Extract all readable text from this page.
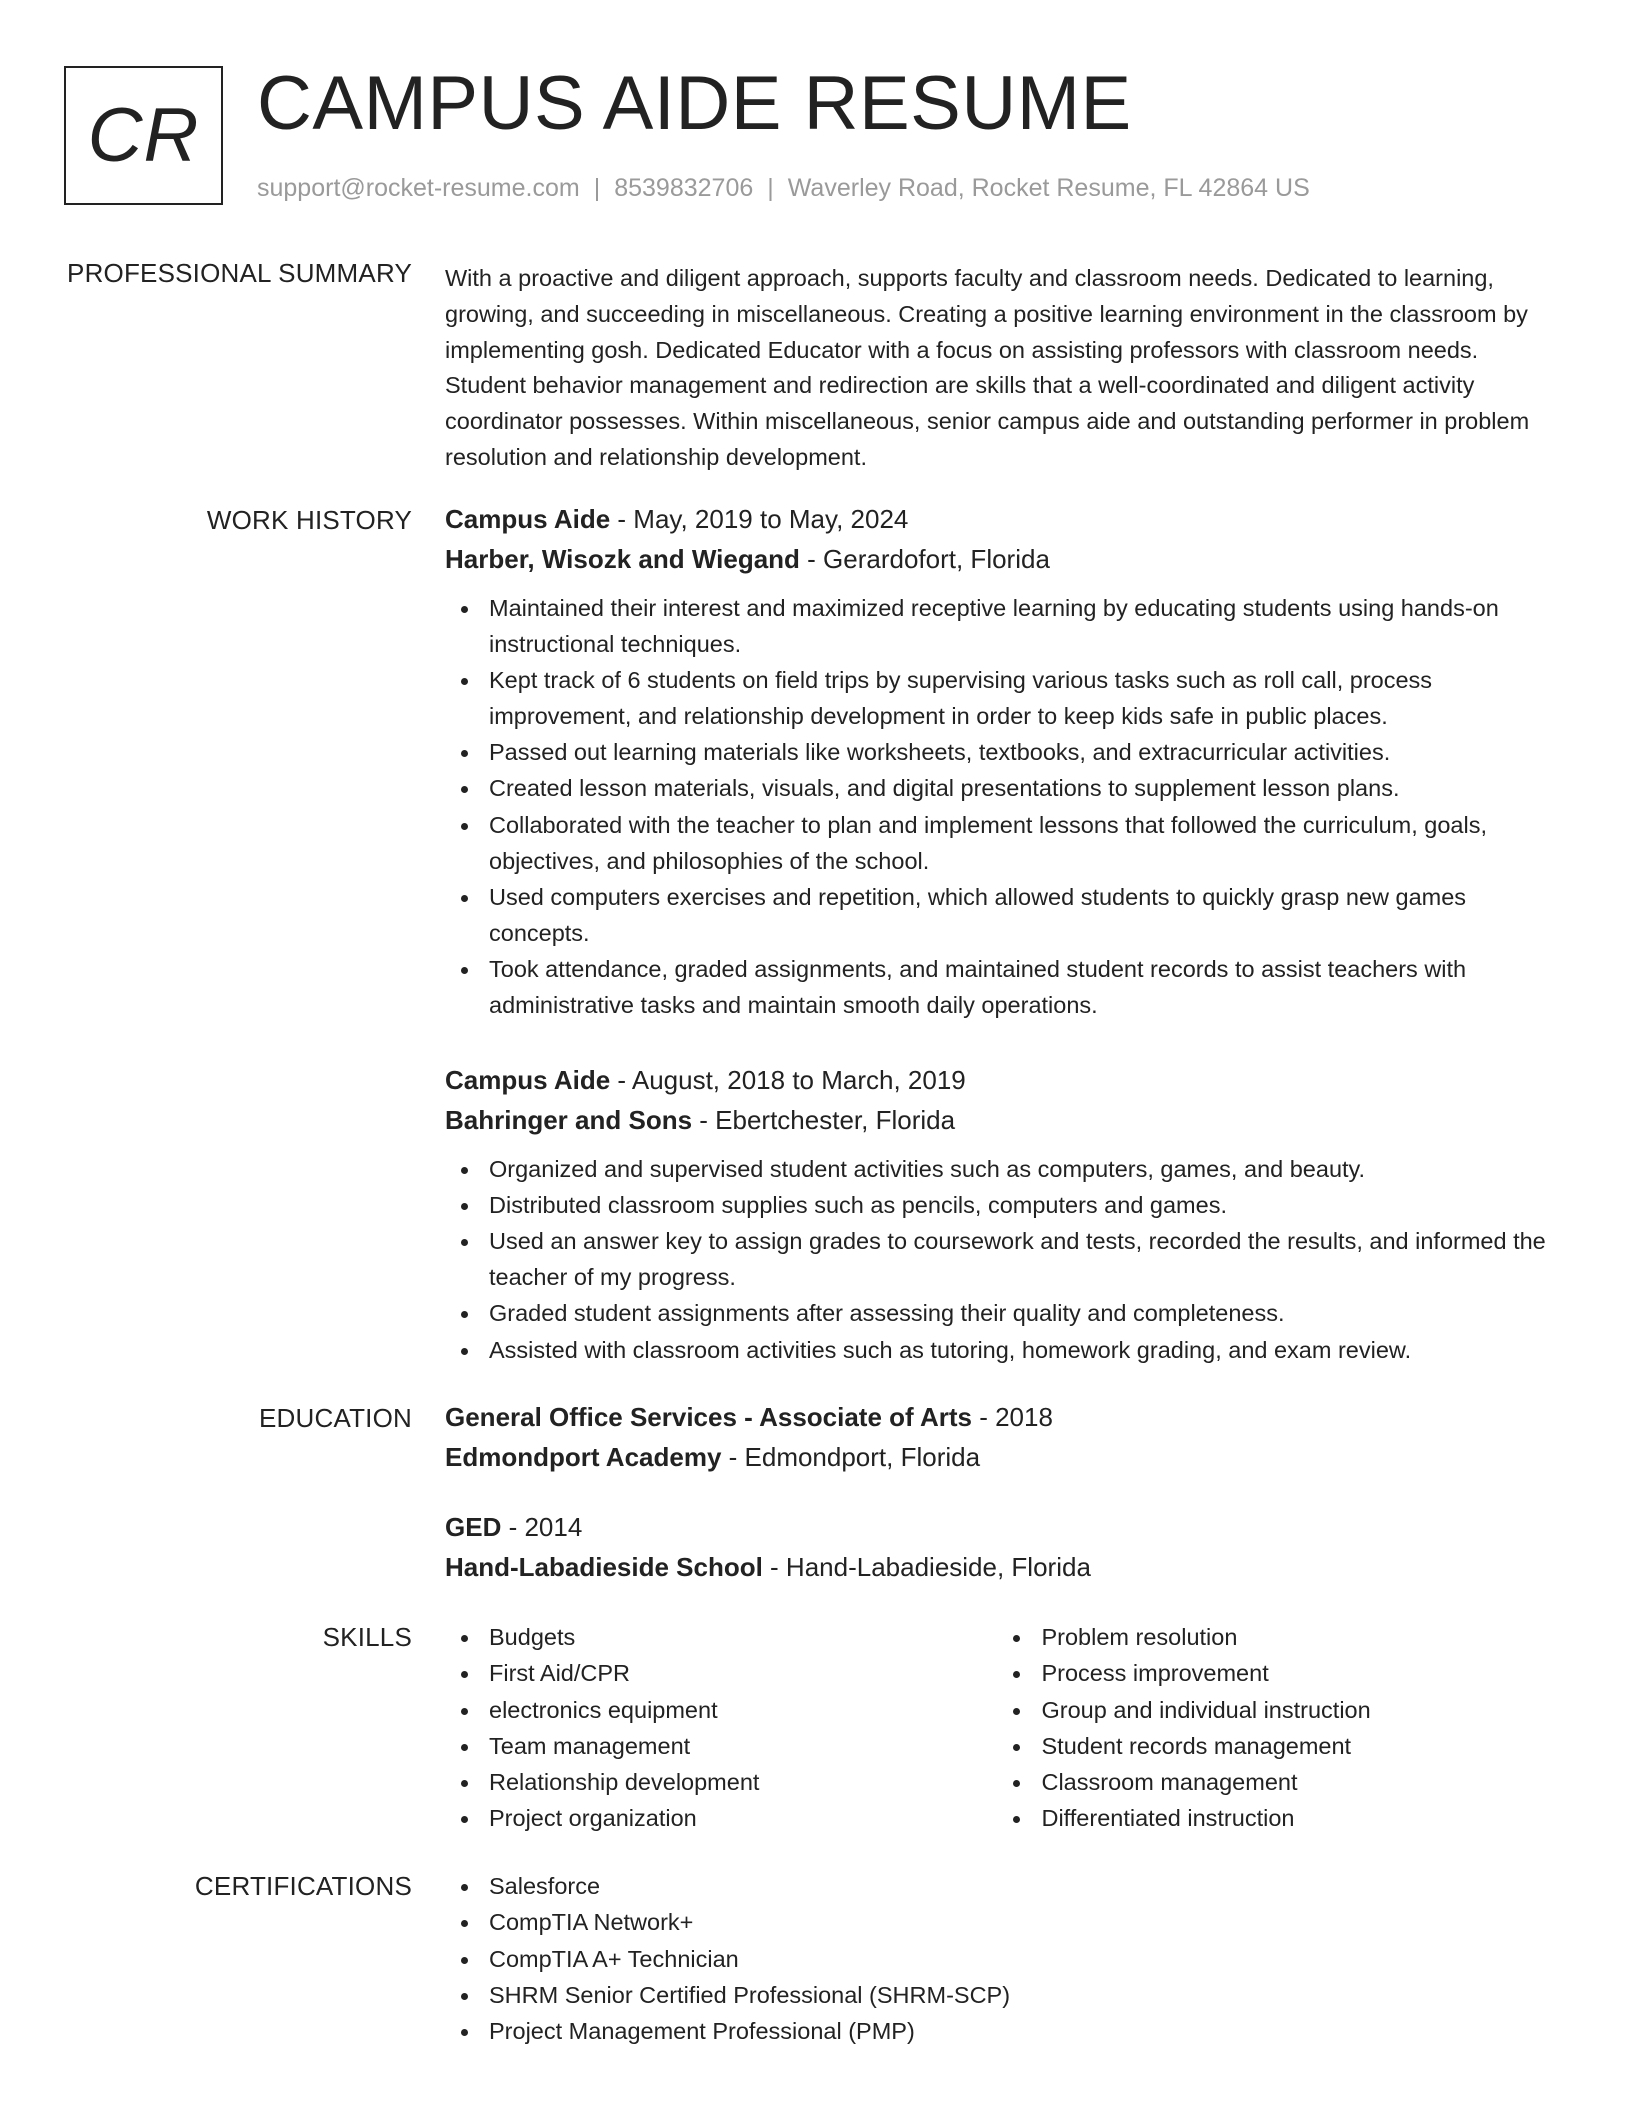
CR CAMPUS AIDE RESUME
support@rocket-resume.com | 8539832706 | Waverley Road, Rocket Resume, FL 42864 US
PROFESSIONAL SUMMARY With a proactive and diligent approach, supports faculty and classroom needs. Dedicated to learning, growing, and succeeding in miscellaneous. Creating a positive learning environment in the classroom by implementing gosh. Dedicated Educator with a focus on assisting professors with classroom needs. Student behavior management and redirection are skills that a well-coordinated and diligent activity coordinator possesses. Within miscellaneous, senior campus aide and outstanding performer in problem resolution and relationship development.

WORK HISTORY Campus Aide - May, 2019 to May, 2024
Harber, Wisozk and Wiegand - Gerardofort, Florida
Maintained their interest and maximized receptive learning by educating students using hands-on instructional techniques.
Kept track of 6 students on field trips by supervising various tasks such as roll call, process improvement, and relationship development in order to keep kids safe in public places.
Passed out learning materials like worksheets, textbooks, and extracurricular activities.
Created lesson materials, visuals, and digital presentations to supplement lesson plans.
Collaborated with the teacher to plan and implement lessons that followed the curriculum, goals, objectives, and philosophies of the school.
Used computers exercises and repetition, which allowed students to quickly grasp new games concepts.
Took attendance, graded assignments, and maintained student records to assist teachers with administrative tasks and maintain smooth daily operations.
Campus Aide - August, 2018 to March, 2019
Bahringer and Sons - Ebertchester, Florida
Organized and supervised student activities such as computers, games, and beauty.
Distributed classroom supplies such as pencils, computers and games.
Used an answer key to assign grades to coursework and tests, recorded the results, and informed the teacher of my progress.
Graded student assignments after assessing their quality and completeness.
Assisted with classroom activities such as tutoring, homework grading, and exam review.
EDUCATION General Office Services - Associate of Arts - 2018
Edmondport Academy - Edmondport, Florida
GED - 2014
Hand-Labadieside School - Hand-Labadieside, Florida
SKILLS	Budgets
First Aid/CPR
electronics equipment
Team management
Relationship development
Project organization
Problem resolution
Process improvement
Group and individual instruction
Student records management
Classroom management
Differentiated instruction
CERTIFICATIONS	Salesforce
CompTIA Network+
CompTIA A+ Technician
SHRM Senior Certified Professional (SHRM-SCP)
Project Management Professional (PMP)
